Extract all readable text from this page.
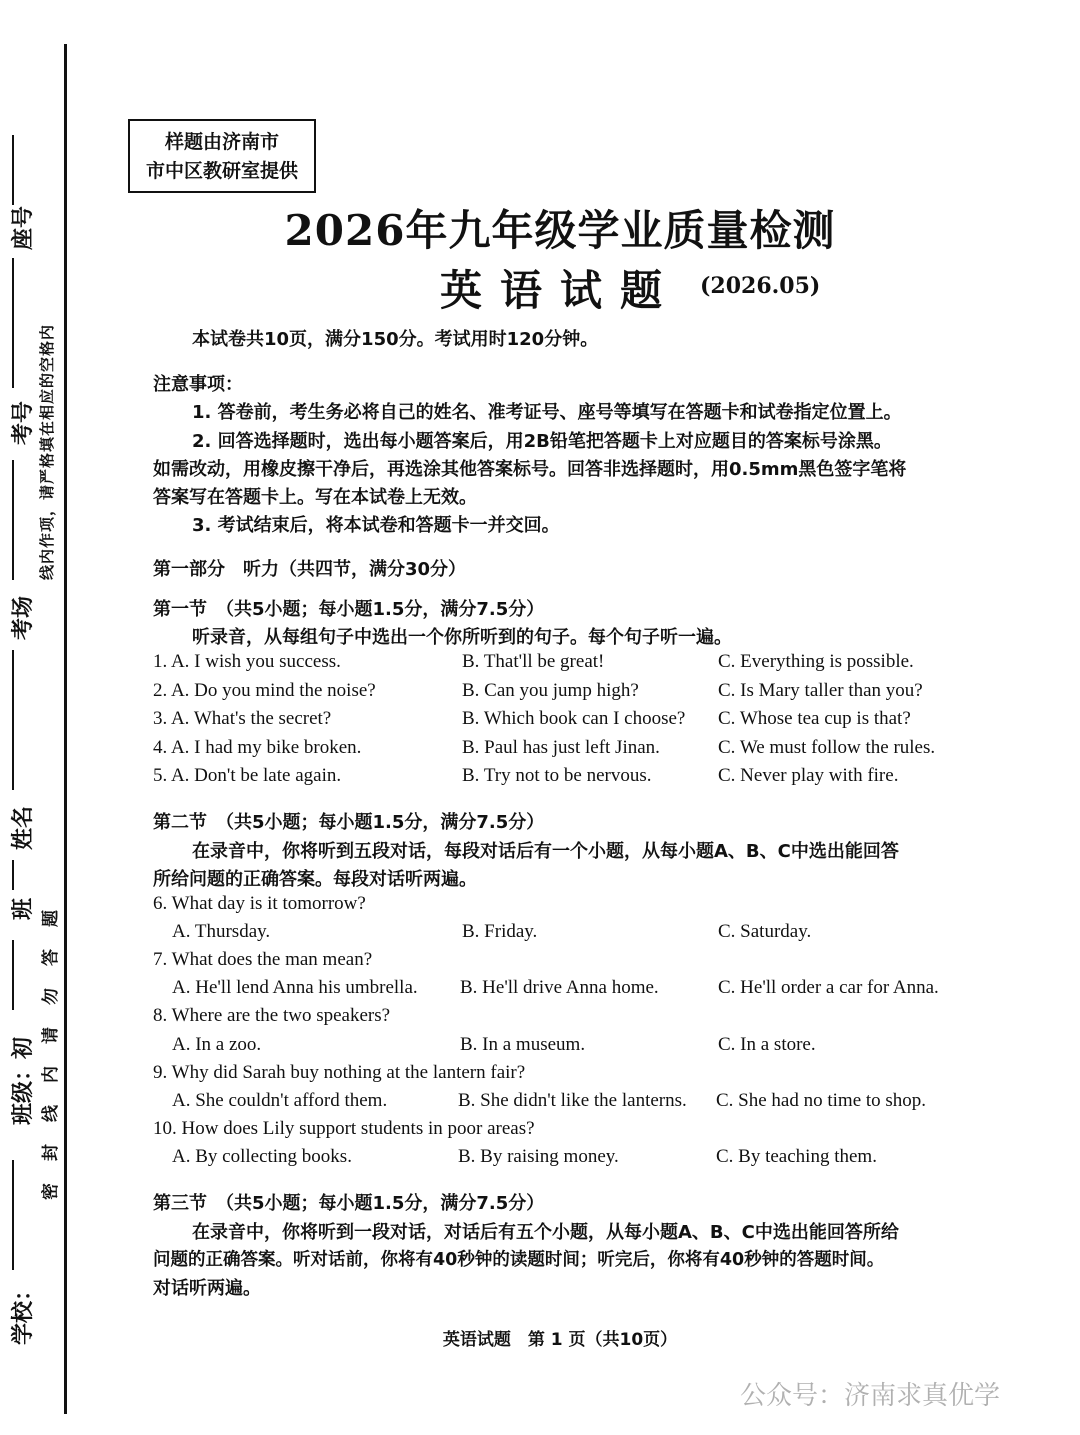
座号
考号
考场
姓名
班
班级：初
学校：
线内作项，请严格填在相应的空格内
密封线内请勿答题
样题由济南市
市中区教研室提供
2026年九年级学业质量检测
英语试题 (2026.05)
本试卷共10页，满分150分。考试用时120分钟。
注意事项：
1. 答卷前，考生务必将自己的姓名、准考证号、座号等填写在答题卡和试卷指定位置上。
2. 回答选择题时，选出每小题答案后，用2B铅笔把答题卡上对应题目的答案标号涂黑。
如需改动，用橡皮擦干净后，再选涂其他答案标号。回答非选择题时，用0.5mm黑色签字笔将
答案写在答题卡上。写在本试卷上无效。
3. 考试结束后，将本试卷和答题卡一并交回。
第一部分　听力（共四节，满分30分）
第一节　（共5小题；每小题1.5分，满分7.5分）
听录音，从每组句子中选出一个你所听到的句子。每个句子听一遍。
1. A. I wish you success.	B. That'll be great!	C. Everything is possible.
2. A. Do you mind the noise?	B. Can you jump high?	C. Is Mary taller than you?
3. A. What's the secret?	B. Which book can I choose? C. Whose tea cup is that?
4. A. I had my bike broken.	B. Paul has just left Jinan.	C. We must follow the rules.
5. A. Don't be late again.	B. Try not to be nervous.	C. Never play with fire.
第二节　（共5小题；每小题1.5分，满分7.5分）
在录音中，你将听到五段对话，每段对话后有一个小题，从每小题A、B、C中选出能回答
所给问题的正确答案。每段对话听两遍。
6. What day is it tomorrow?
A. Thursday.	B. Friday.	C. Saturday.
7. What does the man mean?
A. He'll lend Anna his umbrella. B. He'll drive Anna home.	C. He'll order a car for Anna.
8. Where are the two speakers?
A. In a zoo.	B. In a museum.	C. In a store.
9. Why did Sarah buy nothing at the lantern fair?
A. She couldn't afford them.	B. She didn't like the lanterns. C. She had no time to shop.
10. How does Lily support students in poor areas?
A. By collecting books.	B. By raising money.	C. By teaching them.
第三节　（共5小题；每小题1.5分，满分7.5分）
在录音中，你将听到一段对话，对话后有五个小题，从每小题A、B、C中选出能回答所给
问题的正确答案。听对话前，你将有40秒钟的读题时间；听完后，你将有40秒钟的答题时间。
对话听两遍。
英语试题　第 1 页（共10页）
公众号：济南求真优学
